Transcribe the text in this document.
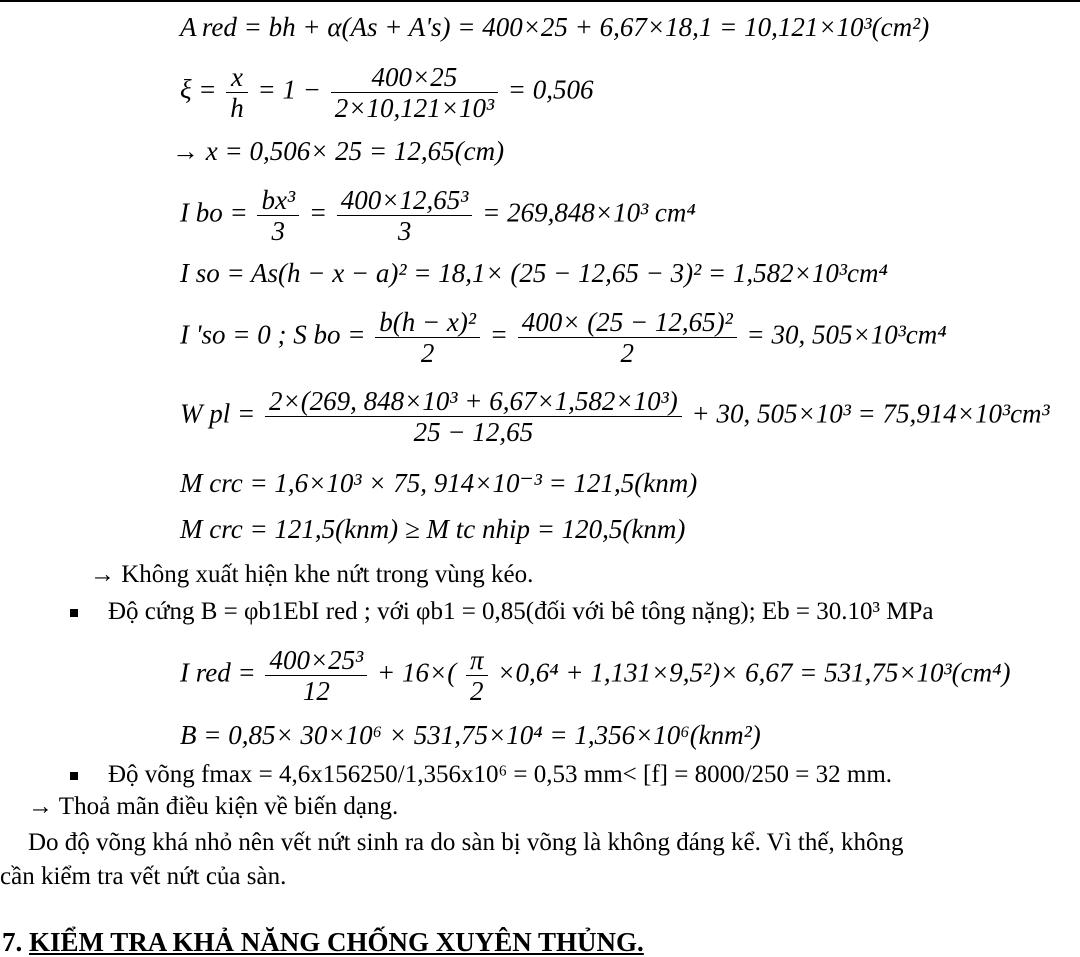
A red = bh + α(As + A's) = 400×25 + 6,67×18,1 = 10,121×10³(cm²)
$\xi = \frac{x}{h} = 1 - \frac{400\times 25}{\text{2×10,121×10³}} = 0,506$
→ x = 0,506× 25 = 12,65(cm)
I bo = $\frac{\text{bx³}}{3} = \frac{\text{400×12,65³}}{3} = 269,848\times 10^3$ cm⁴
I so = As(h − x − a)² = 18,1× (25 − 12,65 − 3)² = 1,582×10³cm⁴
I 'so = 0 ; S bo = $\frac{\text{b(h − x)²}}{2} = \frac{\text{400× (25 − 12,65)²}}{2} = 30$, 505×10³cm⁴
W pl = $\frac{\text{2×(269, 848×10³ + 6,67×1,582×10³)}}{25 - 12,65} + 30$, 505×10³ = 75,914×10³cm³
M crc = 1,6×10³ × 75, 914×10⁻³ = 121,5(knm)
M crc = 121,5(knm) ≥ M tc nhip = 120,5(knm)
→ Không xuất hiện khe nứt trong vùng kéo.
Độ cứng B = φb1EbI red ; với φb1 = 0,85(đối với bê tông nặng); Eb = 30.10³ MPa
I red = $\frac{\text{400×25³}}{12} + 16\times( \frac{\pi}{2} \times 0,6^4 + 1,131\times 9,5^2)\times 6,67 = 531,75\times 10^3(cm^4)$
B = 0,85× 30×10⁶ × 531,75×10⁴ = 1,356×10⁶(knm²)
Độ võng fmax = 4,6x156250/1,356x10⁶ = 0,53 mm< [f] = 8000/250 = 32 mm.
→ Thoả mãn điều kiện về biến dạng.
Do độ võng khá nhỏ nên vết nứt sinh ra do sàn bị võng là không đáng kể. Vì thế, không
cần kiểm tra vết nứt của sàn.
7. KIỂM TRA KHẢ NĂNG CHỐNG XUYÊN THỦNG.
